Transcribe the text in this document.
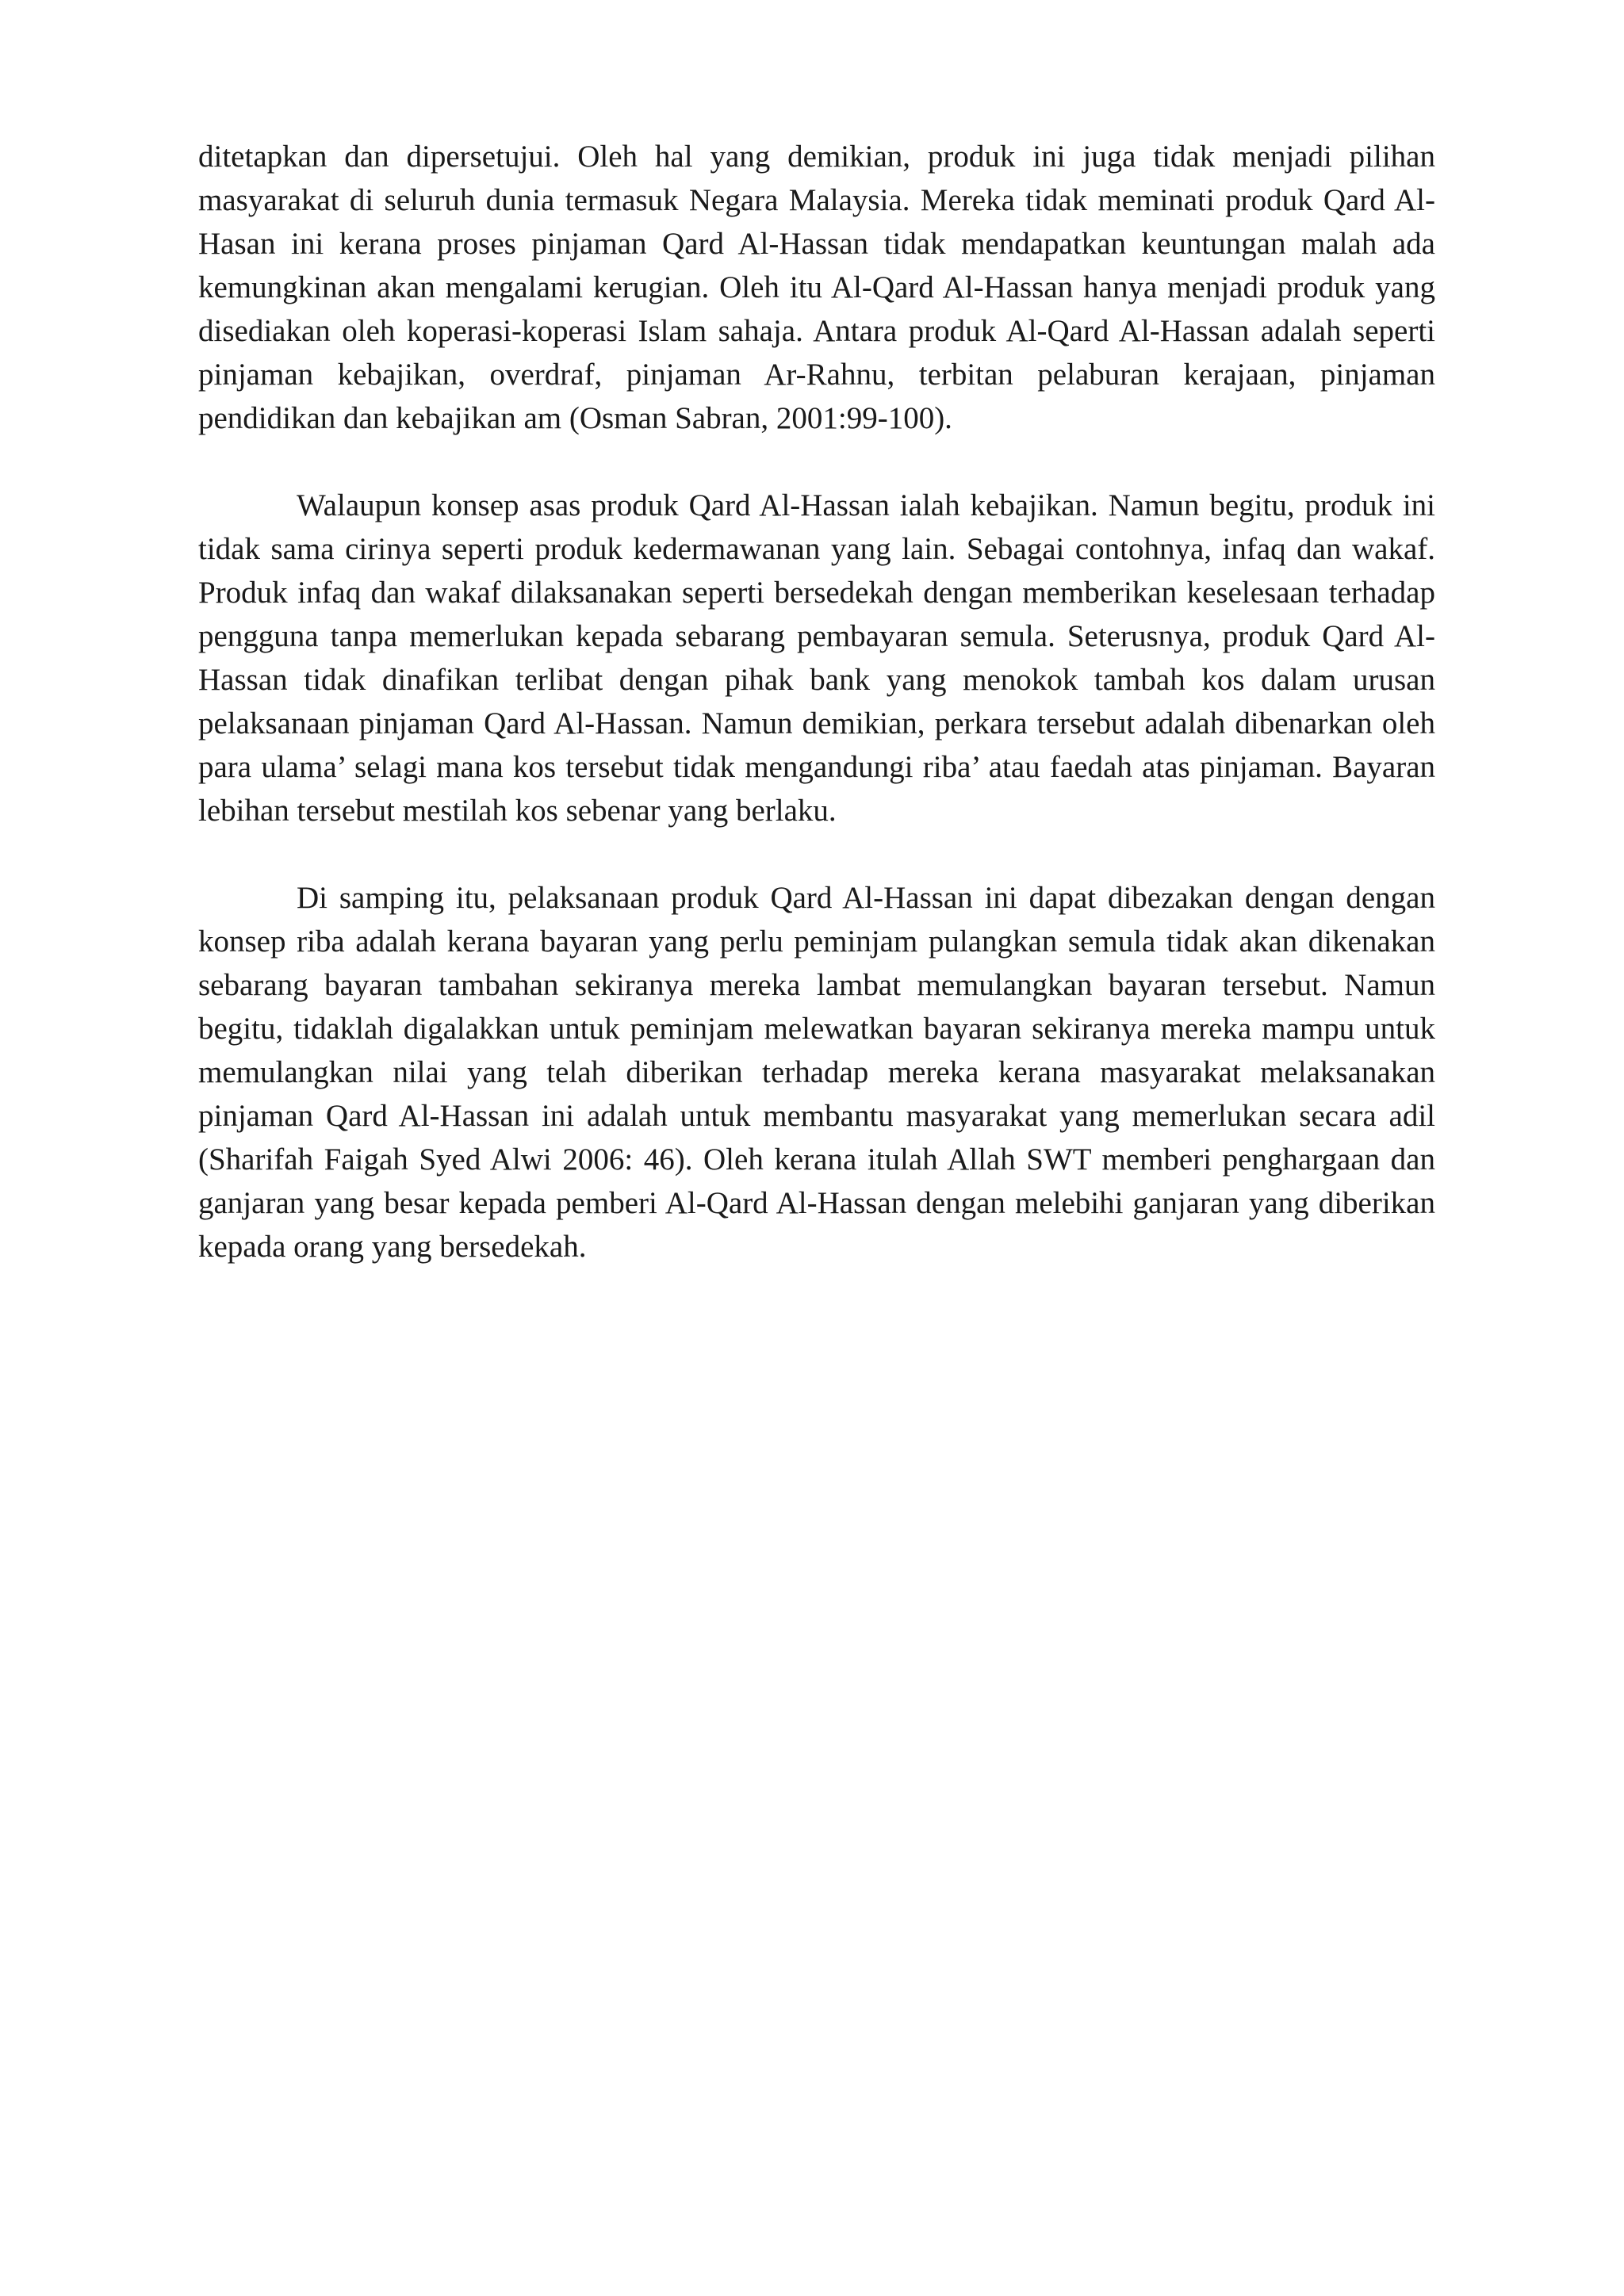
ditetapkan dan dipersetujui. Oleh hal yang demikian, produk ini juga tidak menjadi pilihan masyarakat di seluruh dunia termasuk Negara Malaysia. Mereka tidak meminati produk Qard Al-Hasan ini kerana proses pinjaman Qard Al-Hassan tidak mendapatkan keuntungan malah ada kemungkinan akan mengalami kerugian. Oleh itu Al-Qard Al-Hassan hanya menjadi produk yang disediakan oleh koperasi-koperasi Islam sahaja. Antara produk Al-Qard Al-Hassan adalah seperti pinjaman kebajikan, overdraf, pinjaman Ar-Rahnu, terbitan pelaburan kerajaan, pinjaman pendidikan dan kebajikan am (Osman Sabran, 2001:99-100).

Walaupun konsep asas produk Qard Al-Hassan ialah kebajikan. Namun begitu, produk ini tidak sama cirinya seperti produk kedermawanan yang lain. Sebagai contohnya, infaq dan wakaf. Produk infaq dan wakaf dilaksanakan seperti bersedekah dengan memberikan keselesaan terhadap pengguna tanpa memerlukan kepada sebarang pembayaran semula. Seterusnya, produk Qard Al-Hassan tidak dinafikan terlibat dengan pihak bank yang menokok tambah kos dalam urusan pelaksanaan pinjaman Qard Al-Hassan. Namun demikian, perkara tersebut adalah dibenarkan oleh para ulama’ selagi mana kos tersebut tidak mengandungi riba’ atau faedah atas pinjaman. Bayaran lebihan tersebut mestilah kos sebenar yang berlaku.

Di samping itu, pelaksanaan produk Qard Al-Hassan ini dapat dibezakan dengan dengan konsep riba adalah kerana bayaran yang perlu peminjam pulangkan semula tidak akan dikenakan sebarang bayaran tambahan sekiranya mereka lambat memulangkan bayaran tersebut. Namun begitu, tidaklah digalakkan untuk peminjam melewatkan bayaran sekiranya mereka mampu untuk memulangkan nilai yang telah diberikan terhadap mereka kerana masyarakat melaksanakan pinjaman Qard Al-Hassan ini adalah untuk membantu masyarakat yang memerlukan secara adil (Sharifah Faigah Syed Alwi 2006: 46). Oleh kerana itulah Allah SWT memberi penghargaan dan ganjaran yang besar kepada pemberi Al-Qard Al-Hassan dengan melebihi ganjaran yang diberikan kepada orang yang bersedekah.
